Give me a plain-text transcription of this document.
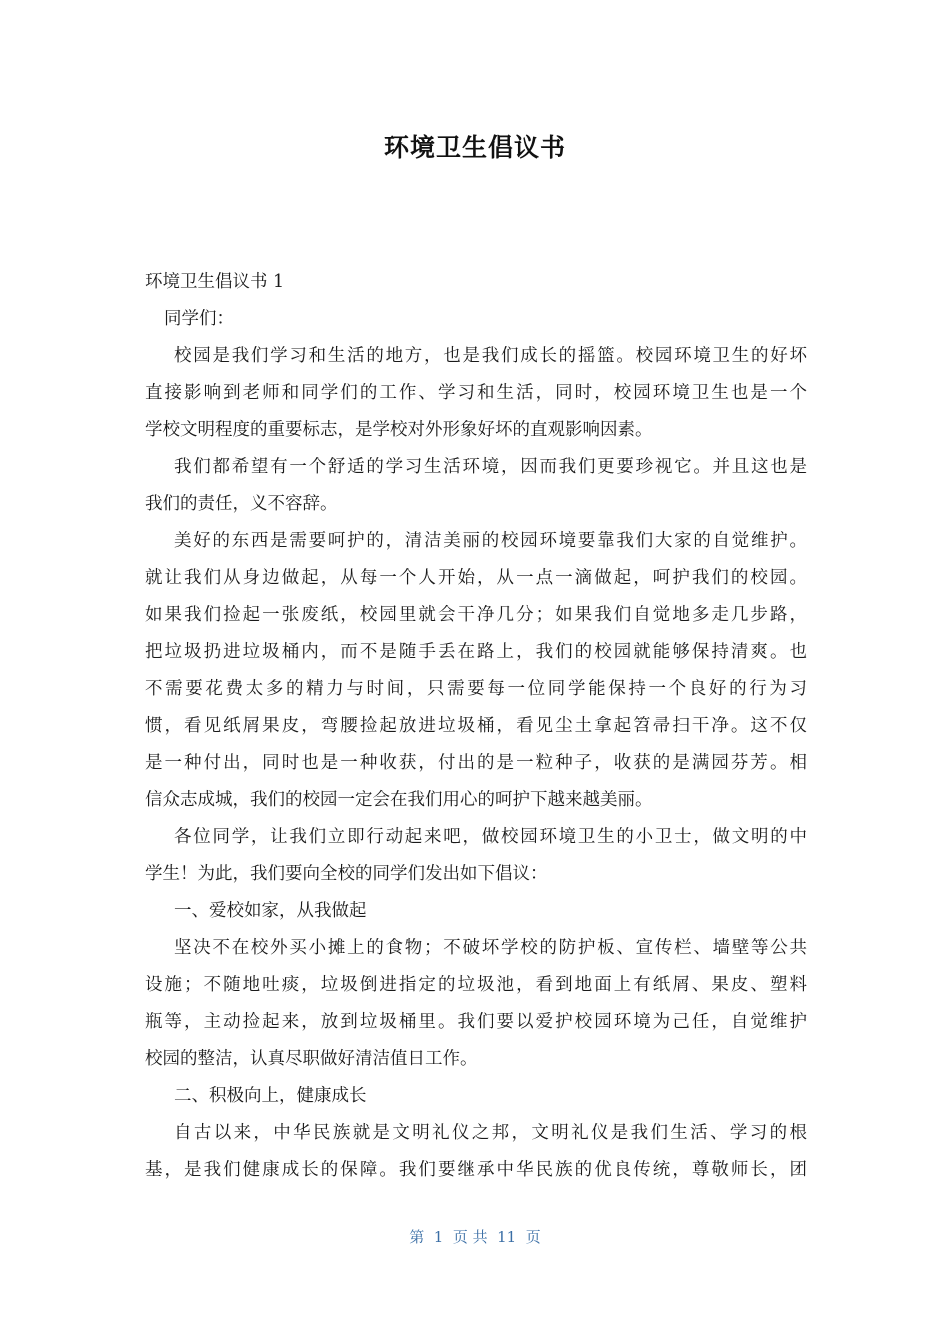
环境卫生倡议书
环境卫生倡议书 1
同学们：
校园是我们学习和生活的地方，也是我们成长的摇篮。校园环境卫生的好坏
直接影响到老师和同学们的工作、学习和生活，同时，校园环境卫生也是一个
学校文明程度的重要标志，是学校对外形象好坏的直观影响因素。
我们都希望有一个舒适的学习生活环境，因而我们更要珍视它。并且这也是
我们的责任，义不容辞。
美好的东西是需要呵护的，清洁美丽的校园环境要靠我们大家的自觉维护。
就让我们从身边做起，从每一个人开始，从一点一滴做起，呵护我们的校园。
如果我们捡起一张废纸，校园里就会干净几分；如果我们自觉地多走几步路，
把垃圾扔进垃圾桶内，而不是随手丢在路上，我们的校园就能够保持清爽。也
不需要花费太多的精力与时间，只需要每一位同学能保持一个良好的行为习
惯，看见纸屑果皮，弯腰捡起放进垃圾桶，看见尘土拿起笤帚扫干净。这不仅
是一种付出，同时也是一种收获，付出的是一粒种子，收获的是满园芬芳。相
信众志成城，我们的校园一定会在我们用心的呵护下越来越美丽。
各位同学，让我们立即行动起来吧，做校园环境卫生的小卫士，做文明的中
学生！为此，我们要向全校的同学们发出如下倡议：
一、爱校如家，从我做起
坚决不在校外买小摊上的食物；不破坏学校的防护板、宣传栏、墙壁等公共
设施；不随地吐痰，垃圾倒进指定的垃圾池，看到地面上有纸屑、果皮、塑料
瓶等，主动捡起来，放到垃圾桶里。我们要以爱护校园环境为己任，自觉维护
校园的整洁，认真尽职做好清洁值日工作。
二、积极向上，健康成长
自古以来，中华民族就是文明礼仪之邦，文明礼仪是我们生活、学习的根
基，是我们健康成长的保障。我们要继承中华民族的优良传统，尊敬师长，团
第  1  页 共  11  页
